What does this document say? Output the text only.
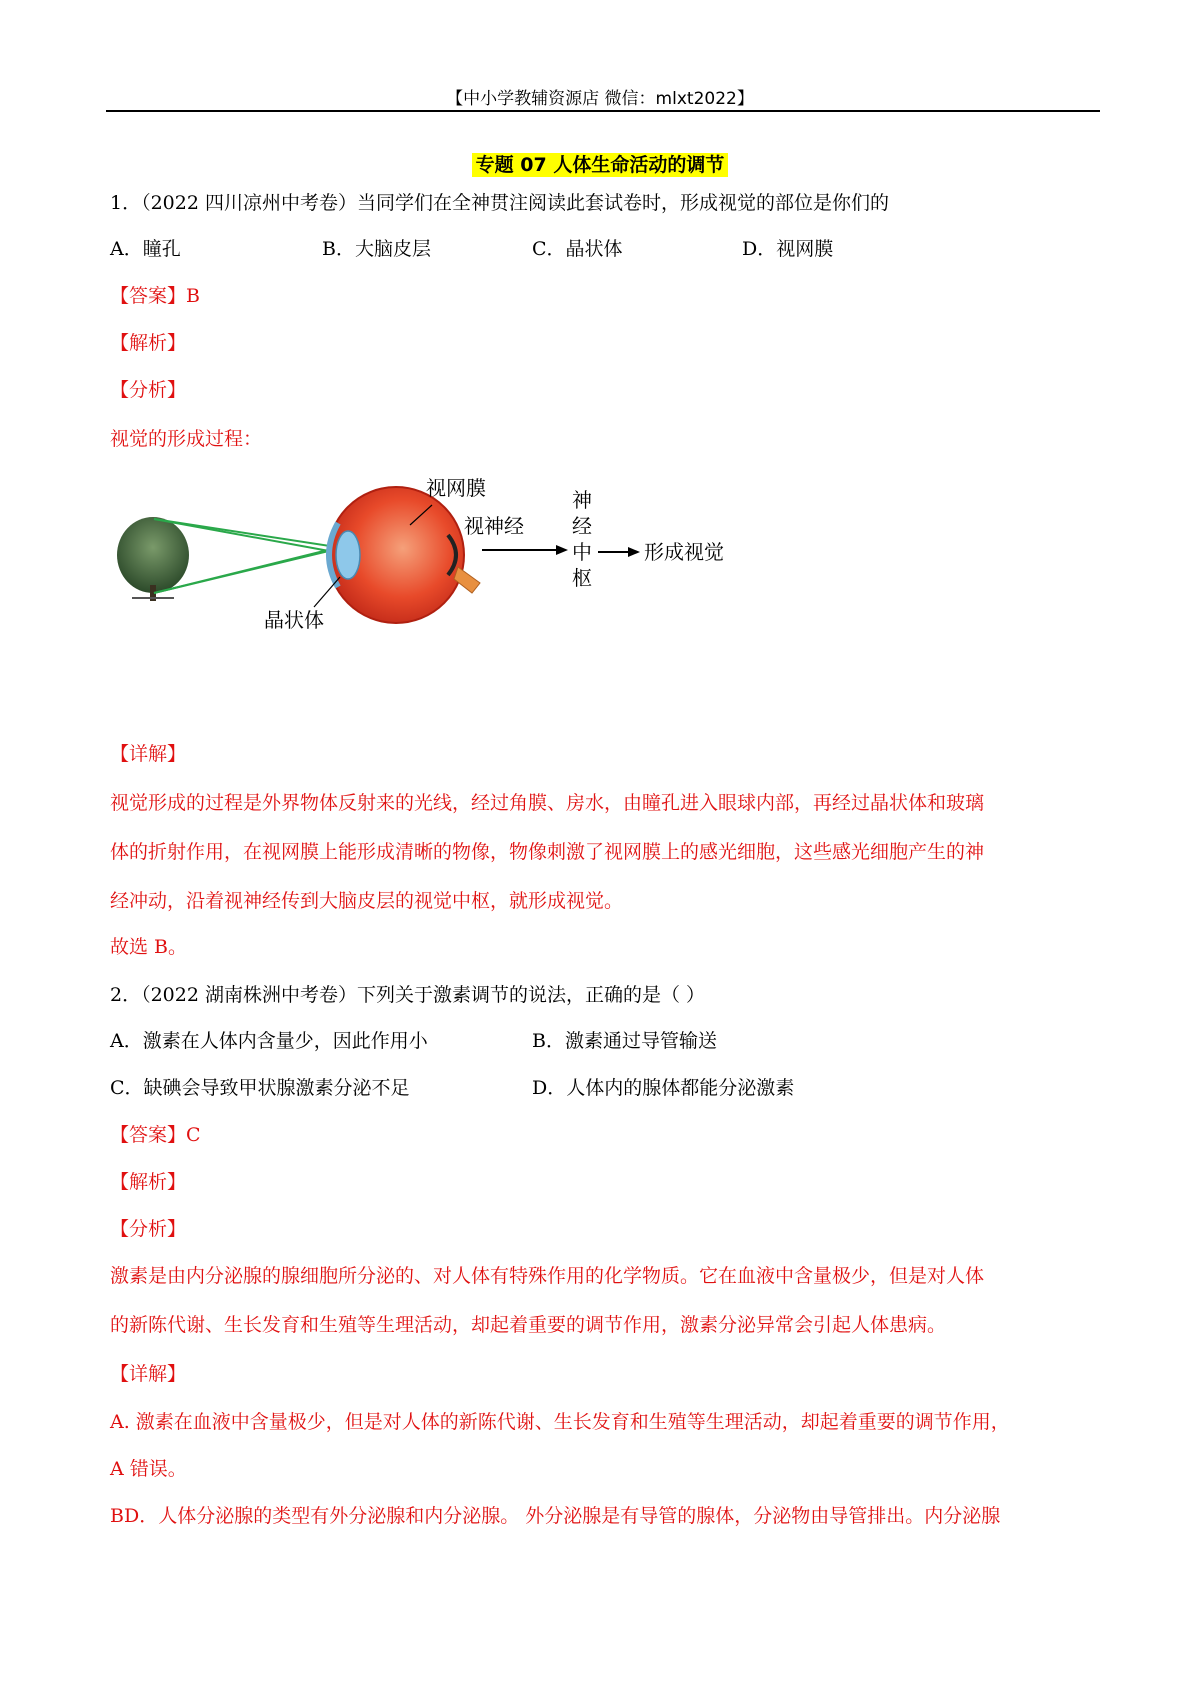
【中小学教辅资源店 微信：mlxt2022】
专题 07 人体生命活动的调节
1．（2022 四川凉州中考卷）当同学们在全神贯注阅读此套试卷时，形成视觉的部位是你们的
A．瞳孔	B．大脑皮层	C．晶状体	D．视网膜
【答案】B
【解析】
【分析】
视觉的形成过程：
视网膜
晶状体
视神经
神
经
中
枢
形成视觉
【详解】
视觉形成的过程是外界物体反射来的光线，经过角膜、房水，由瞳孔进入眼球内部，再经过晶状体和玻璃
体的折射作用，在视网膜上能形成清晰的物像，物像刺激了视网膜上的感光细胞，这些感光细胞产生的神
经冲动，沿着视神经传到大脑皮层的视觉中枢，就形成视觉。
故选 B。
2．（2022 湖南株洲中考卷）下列关于激素调节的说法，正确的是（ ）
A．激素在人体内含量少，因此作用小	B．激素通过导管输送
C．缺碘会导致甲状腺激素分泌不足	D．人体内的腺体都能分泌激素
【答案】C
【解析】
【分析】
激素是由内分泌腺的腺细胞所分泌的、对人体有特殊作用的化学物质。它在血液中含量极少，但是对人体
的新陈代谢、生长发育和生殖等生理活动，却起着重要的调节作用，激素分泌异常会引起人体患病。
【详解】
A. 激素在血液中含量极少，但是对人体的新陈代谢、生长发育和生殖等生理活动，却起着重要的调节作用，
A 错误。
BD．人体分泌腺的类型有外分泌腺和内分泌腺。 外分泌腺是有导管的腺体，分泌物由导管排出。内分泌腺
